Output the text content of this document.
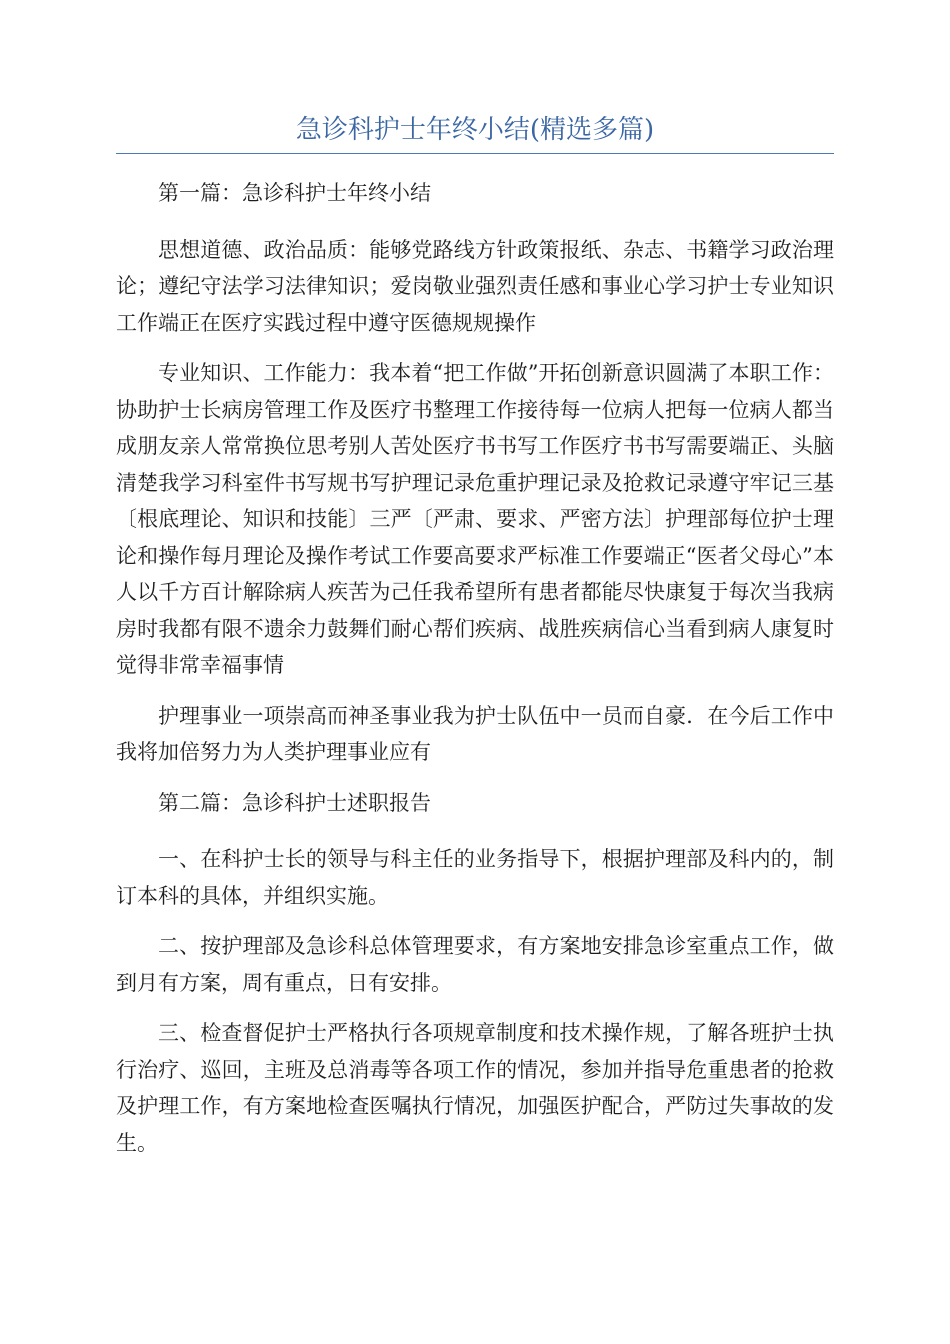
急诊科护士年终小结(精选多篇)

第一篇：急诊科护士年终小结

思想道德、政治品质：能够党路线方针政策报纸、杂志、书籍学习政治理论；遵纪守法学习法律知识；爱岗敬业强烈责任感和事业心学习护士专业知识工作端正在医疗实践过程中遵守医德规规操作

专业知识、工作能力：我本着“把工作做”开拓创新意识圆满了本职工作：协助护士长病房管理工作及医疗书整理工作接待每一位病人把每一位病人都当成朋友亲人常常换位思考别人苦处医疗书书写工作医疗书书写需要端正、头脑清楚我学习科室件书写规书写护理记录危重护理记录及抢救记录遵守牢记三基〔根底理论、知识和技能〕三严〔严肃、要求、严密方法〕护理部每位护士理论和操作每月理论及操作考试工作要高要求严标准工作要端正“医者父母心”本人以千方百计解除病人疾苦为己任我希望所有患者都能尽快康复于每次当我病房时我都有限不遗余力鼓舞们耐心帮们疾病、战胜疾病信心当看到病人康复时觉得非常幸福事情

护理事业一项崇高而神圣事业我为护士队伍中一员而自豪．在今后工作中我将加倍努力为人类护理事业应有

第二篇：急诊科护士述职报告

一、在科护士长的领导与科主任的业务指导下，根据护理部及科内的，制订本科的具体，并组织实施。

二、按护理部及急诊科总体管理要求，有方案地安排急诊室重点工作，做到月有方案，周有重点，日有安排。

三、检查督促护士严格执行各项规章制度和技术操作规，了解各班护士执行治疗、巡回，主班及总消毒等各项工作的情况，参加并指导危重患者的抢救及护理工作，有方案地检查医嘱执行情况，加强医护配合，严防过失事故的发生。
